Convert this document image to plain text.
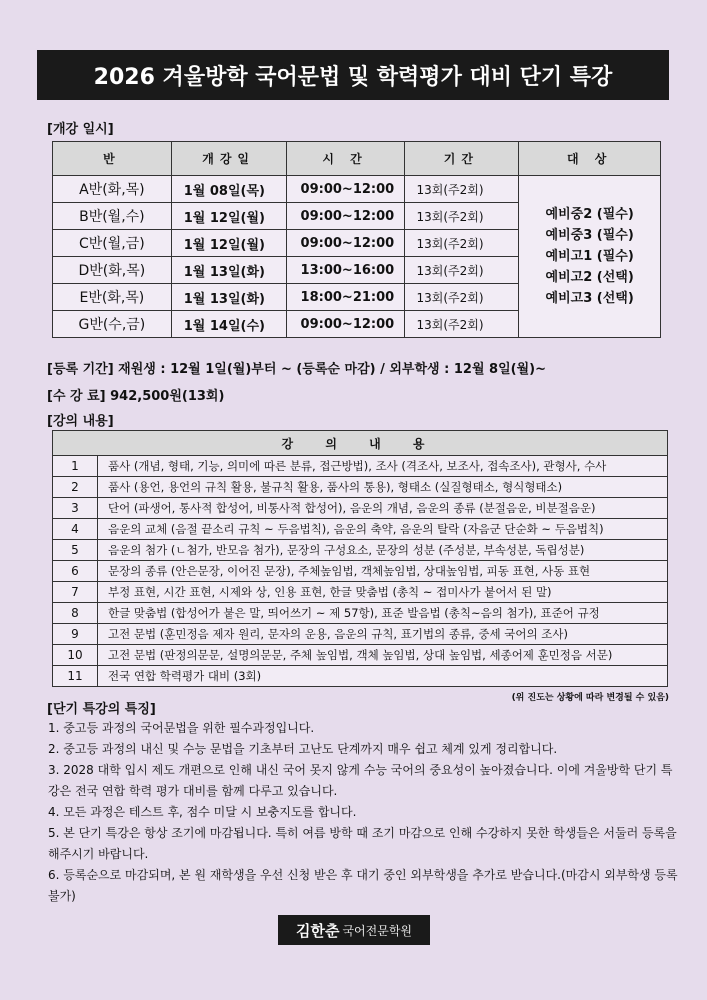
2026 겨울방학 국어문법 및 학력평가 대비 단기 특강
[개강 일시]
반	개강일	시 간	기간	대 상
A반(화,목)	1월 08일(목)	09:00~12:00	13회(주2회)	예비중2 (필수)
예비중3 (필수)
예비고1 (필수)
예비고2 (선택)
예비고3 (선택)

B반(월,수)	1월 12일(월)	09:00~12:00	13회(주2회)	
C반(월,금)	1월 12일(월)	09:00~12:00	13회(주2회)	
D반(화,목)	1월 13일(화)	13:00~16:00	13회(주2회)	
E반(화,목)	1월 13일(화)	18:00~21:00	13회(주2회)	
G반(수,금)	1월 14일(수)	09:00~12:00	13회(주2회)	
[등록 기간] 재원생 : 12월 1일(월)부터 ~ (등록순 마감) / 외부학생 : 12월 8일(월)~
[수 강 료] 942,500원(13회)
[강의 내용]
강 의 내 용	
1	품사 (개념, 형태, 기능, 의미에 따른 분류, 접근방법), 조사 (격조사, 보조사, 접속조사), 관형사, 수사
2	품사 (용언, 용언의 규칙 활용, 불규칙 활용, 품사의 통용), 형태소 (실질형태소, 형식형태소)
3	단어 (파생어, 통사적 합성어, 비통사적 합성어), 음운의 개념, 음운의 종류 (분절음운, 비분절음운)
4	음운의 교체 (음절 끝소리 규칙 ~ 두음법칙), 음운의 축약, 음운의 탈락 (자음군 단순화 ~ 두음법칙)
5	음운의 첨가 (ㄴ첨가, 반모음 첨가), 문장의 구성요소, 문장의 성분 (주성분, 부속성분, 독립성분)
6	문장의 종류 (안은문장, 이어진 문장), 주체높임법, 객체높임법, 상대높임법, 피동 표현, 사동 표현
7	부정 표현, 시간 표현, 시제와 상, 인용 표현, 한글 맞춤법 (총칙 ~ 접미사가 붙어서 된 말)
8	한글 맞춤법 (합성어가 붙은 말, 띄어쓰기 ~ 제 57항), 표준 발음법 (총칙~음의 첨가), 표준어 규정
9	고전 문법 (훈민정음 제자 원리, 문자의 운용, 음운의 규칙, 표기법의 종류, 중세 국어의 조사)
10	고전 문법 (판정의문문, 설명의문문, 주체 높임법, 객체 높임법, 상대 높임법, 세종어제 훈민정음 서문)
11	전국 연합 학력평가 대비 (3회)
(위 진도는 상황에 따라 변경될 수 있음)
[단기 특강의 특징]
1. 중고등 과정의 국어문법을 위한 필수과정입니다.
2. 중고등 과정의 내신 및 수능 문법을 기초부터 고난도 단계까지 매우 쉽고 체계 있게 정리합니다.
3. 2028 대학 입시 제도 개편으로 인해 내신 국어 못지 않게 수능 국어의 중요성이 높아졌습니다. 이에 겨울방학 단기 특강은 전국 연합 학력 평가 대비를 함께 다루고 있습니다.
4. 모든 과정은 테스트 후, 점수 미달 시 보충지도를 합니다.
5. 본 단기 특강은 항상 조기에 마감됩니다. 특히 여름 방학 때 조기 마감으로 인해 수강하지 못한 학생들은 서둘러 등록을 해주시기 바랍니다.
6. 등록순으로 마감되며, 본 원 재학생을 우선 신청 받은 후 대기 중인 외부학생을 추가로 받습니다.(마감시 외부학생 등록 불가)
김한춘 국어전문학원
